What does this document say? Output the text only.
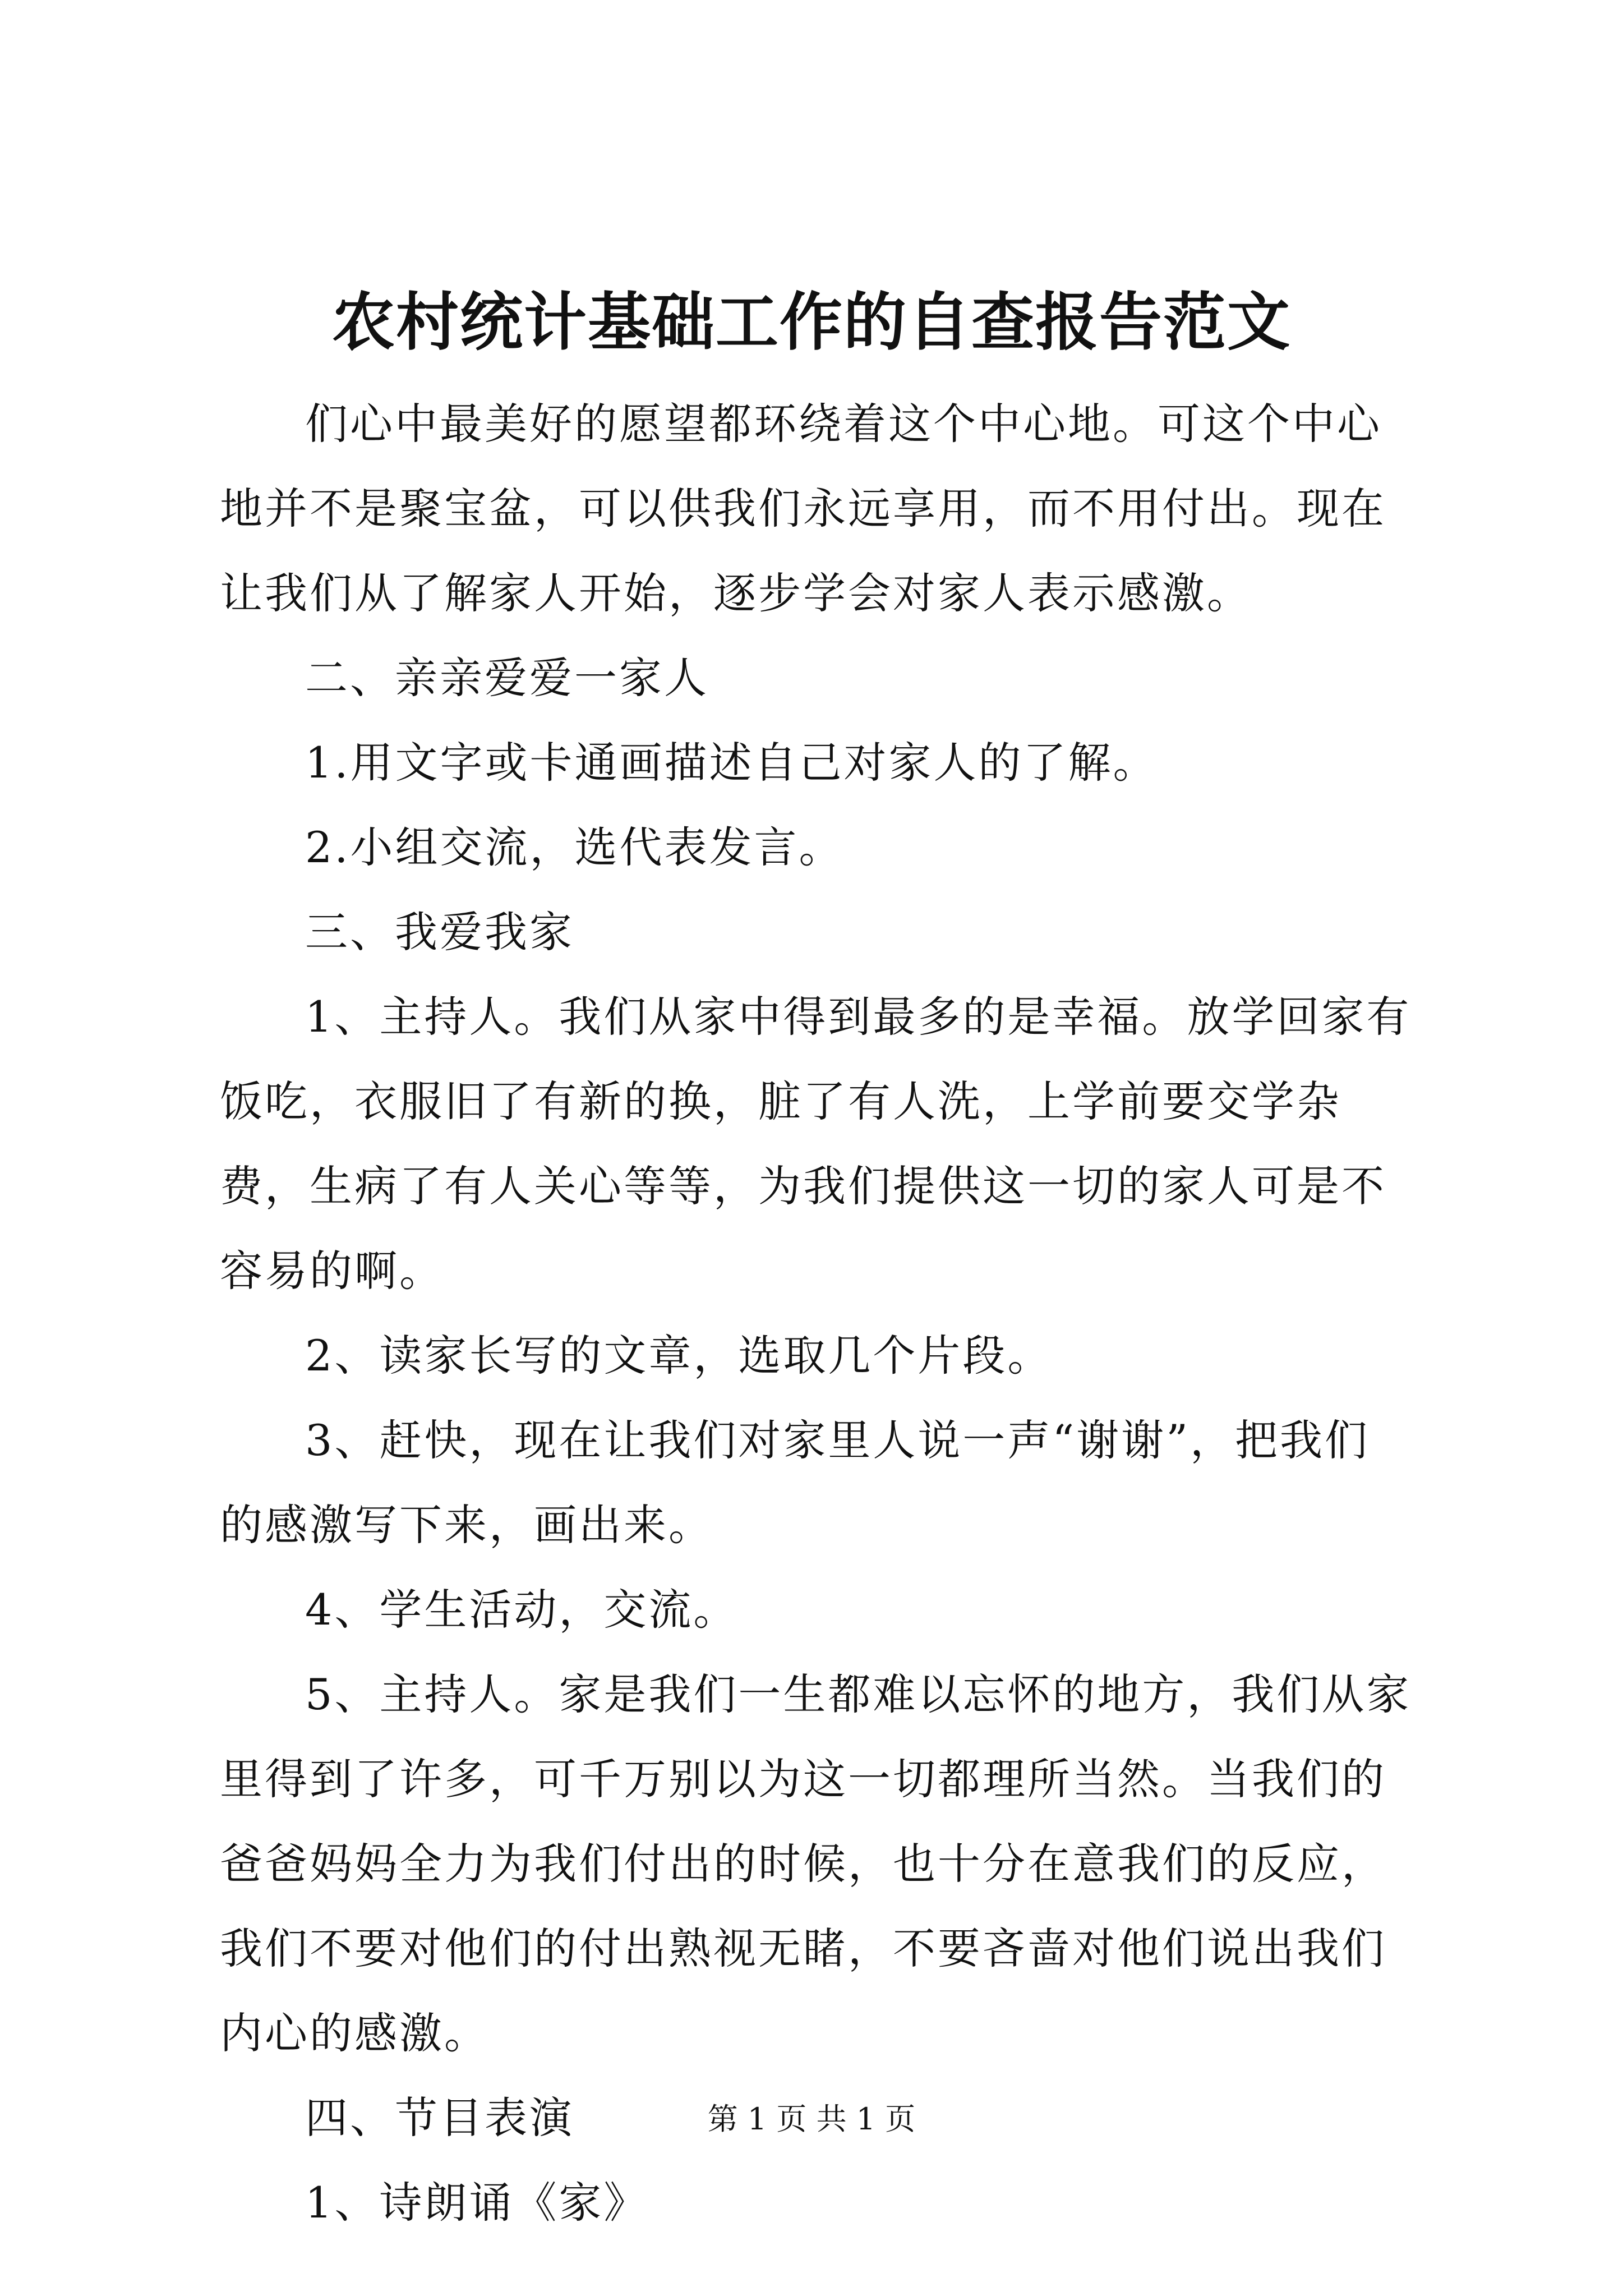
农村统计基础工作的自查报告范文

们心中最美好的愿望都环绕着这个中心地。可这个中心地并不是聚宝盆，可以供我们永远享用，而不用付出。现在让我们从了解家人开始，逐步学会对家人表示感激。

二、亲亲爱爱一家人

1.用文字或卡通画描述自己对家人的了解。

2.小组交流，选代表发言。

三、我爱我家

1、主持人。我们从家中得到最多的是幸福。放学回家有饭吃，衣服旧了有新的换，脏了有人洗，上学前要交学杂费，生病了有人关心等等，为我们提供这一切的家人可是不容易的啊。

2、读家长写的文章，选取几个片段。

3、赶快，现在让我们对家里人说一声“谢谢”，把我们的感激写下来，画出来。

4、学生活动，交流。

5、主持人。家是我们一生都难以忘怀的地方，我们从家里得到了许多，可千万别以为这一切都理所当然。当我们的爸爸妈妈全力为我们付出的时候，也十分在意我们的反应，我们不要对他们的付出熟视无睹，不要吝啬对他们说出我们内心的感激。

四、节目表演

1、诗朗诵《家》

第 1 页 共 1 页
